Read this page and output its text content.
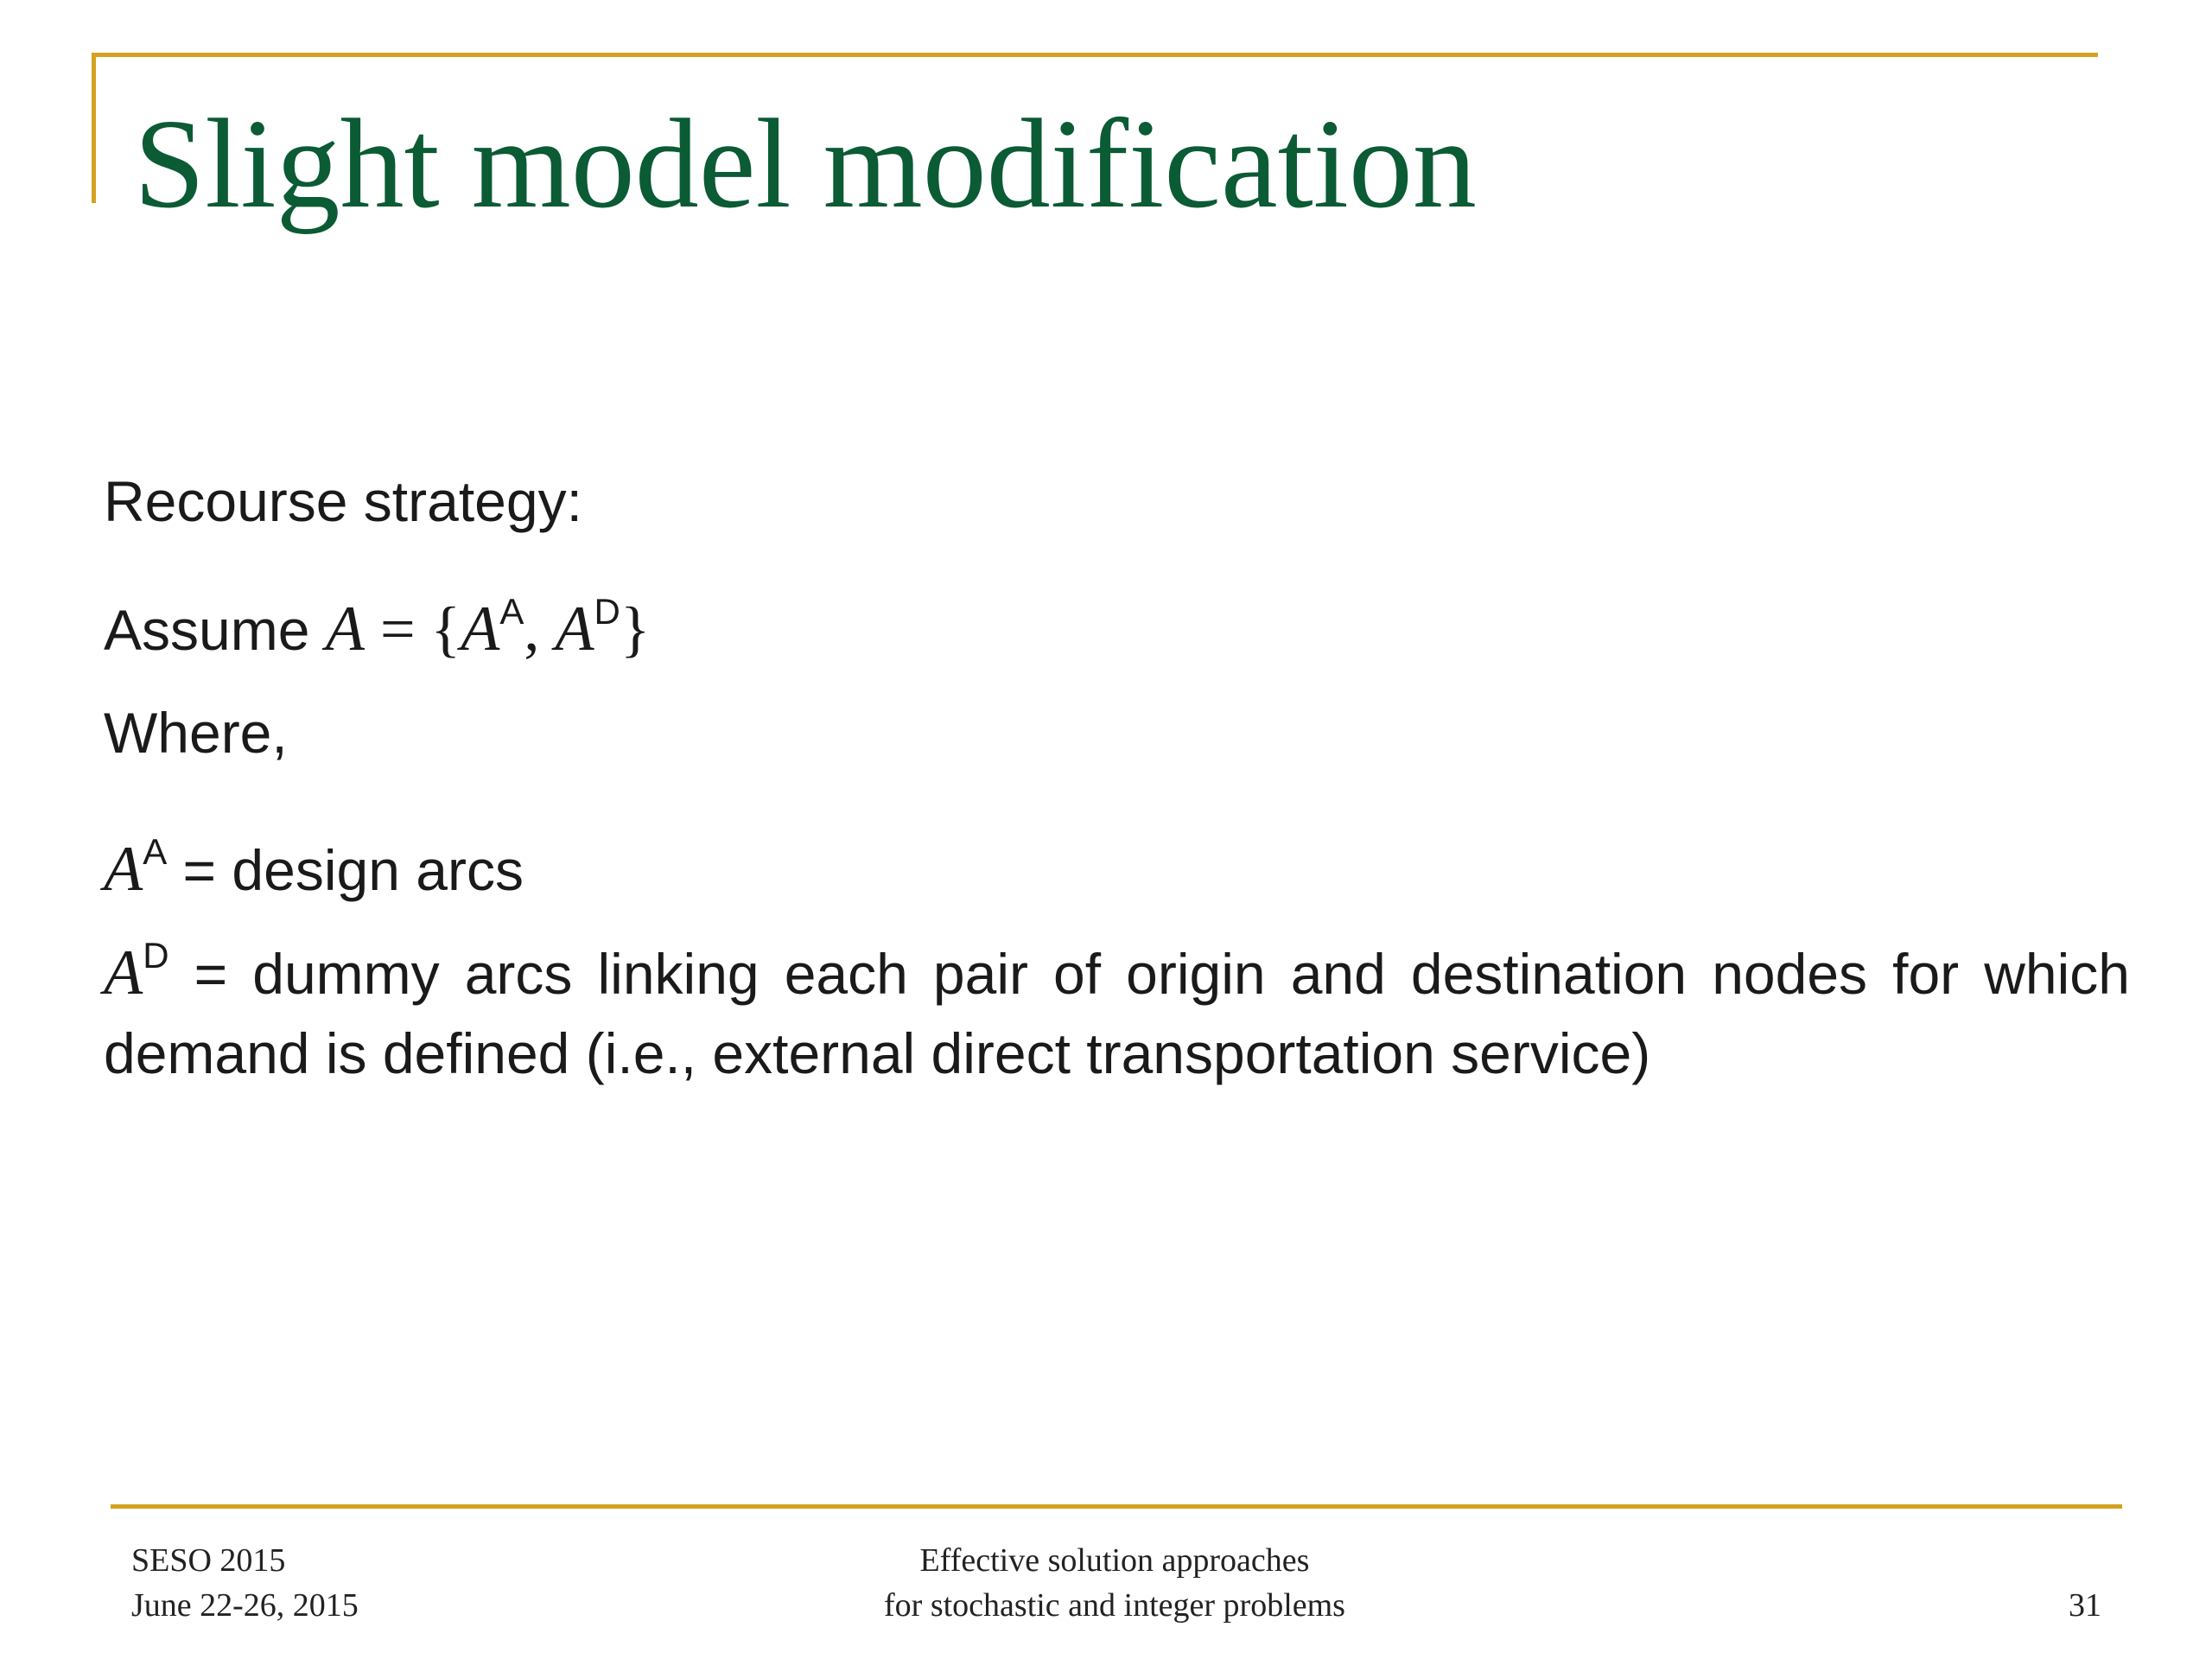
Slight model modification
Recourse strategy:
Assume $A = \{A^A$, $A^D$}
Where,
$A^A$ = design arcs
$A^D$ = dummy arcs linking each pair of origin and destination nodes for which demand is defined (i.e., external direct transportation service)
SESO 2015
June 22-26, 2015
Effective solution approaches
for stochastic and integer problems	31
